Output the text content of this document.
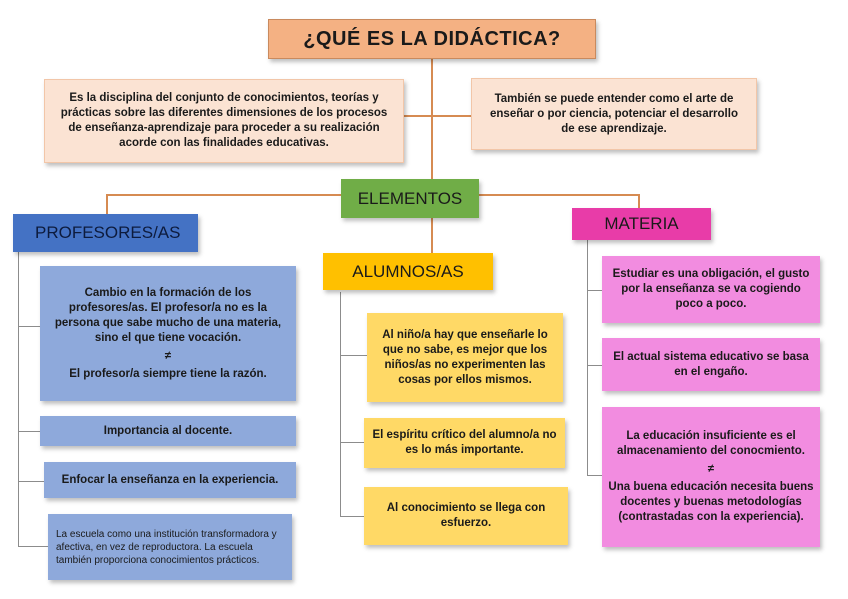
¿QUÉ ES LA DIDÁCTICA?
Es la disciplina del conjunto de conocimientos, teorías y prácticas sobre las diferentes dimensiones de los procesos de enseñanza-aprendizaje para proceder a su realización acorde con las finalidades educativas.
También se puede entender como el arte de enseñar o por ciencia, potenciar el desarrollo de ese aprendizaje.
ELEMENTOS
PROFESORES/AS
ALUMNOS/AS
MATERIA
Cambio en la formación de los profesores/as. El profesor/a no es la persona que sabe mucho de una materia, sino el que tiene vocación.
≠
El profesor/a siempre tiene la razón.
Importancia al docente.
Enfocar la enseñanza en la experiencia.
La escuela como una institución transformadora y afectiva, en vez de reproductora. La escuela también proporciona conocimientos prácticos.
Al niño/a hay que enseñarle lo que no sabe, es mejor que los niños/as no experimenten las cosas por ellos mismos.
El espíritu crítico del alumno/a no es lo más importante.
Al conocimiento se llega con esfuerzo.
Estudiar es una obligación, el gusto por la enseñanza se va cogiendo poco a poco.
El actual sistema educativo se basa en el engaño.
La educación insuficiente es el almacenamiento del conocmiento.
≠
Una buena educación necesita buens docentes y buenas metodologías (contrastadas con la experiencia).
